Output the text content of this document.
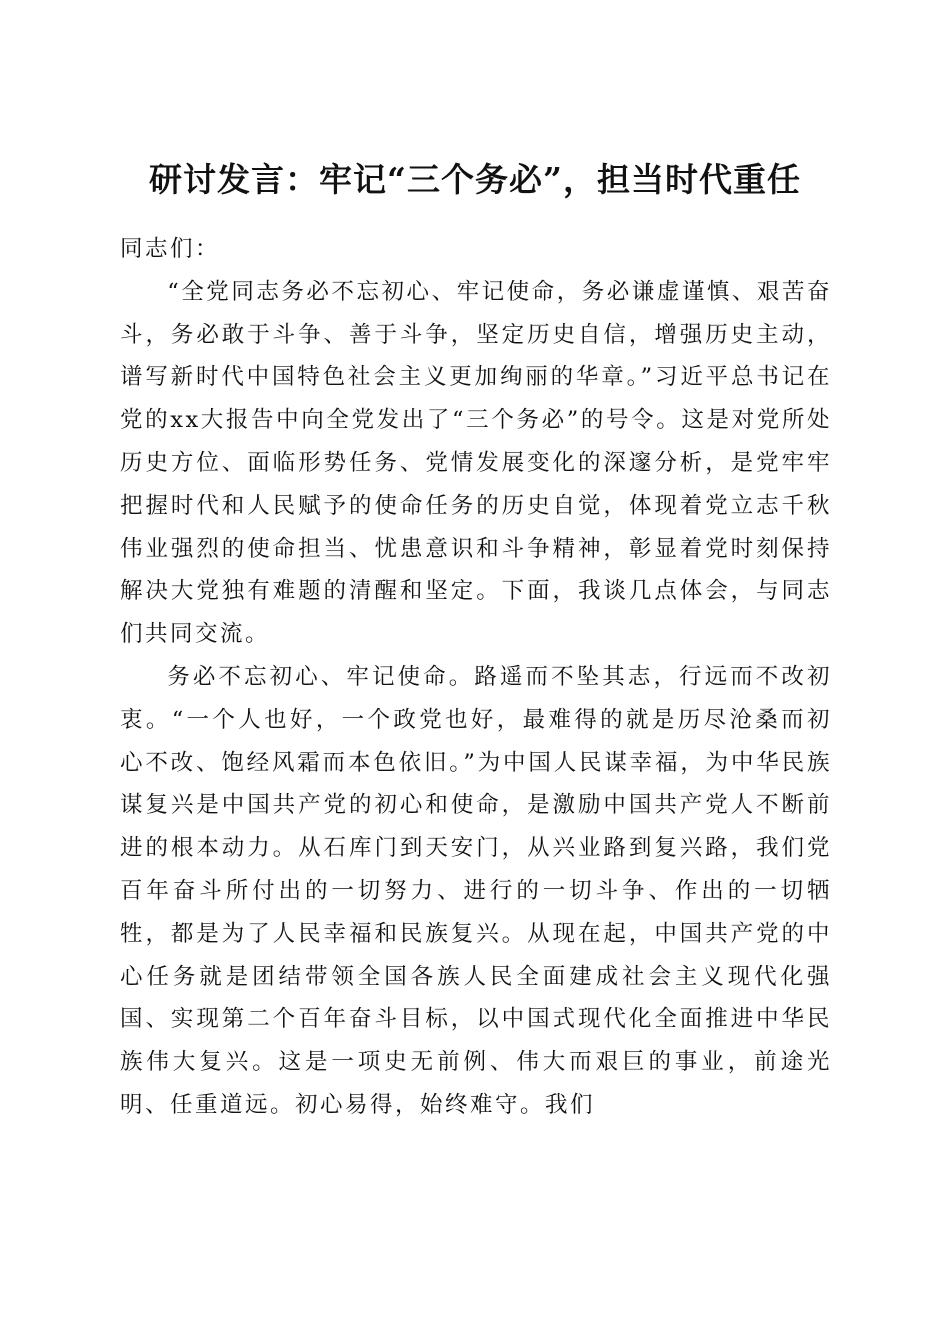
研讨发言：牢记“三个务必”，担当时代重任

同志们：

“全党同志务必不忘初心、牢记使命，务必谦虚谨慎、艰苦奋斗，务必敢于斗争、善于斗争，坚定历史自信，增强历史主动，谱写新时代中国特色社会主义更加绚丽的华章。”习近平总书记在党的xx大报告中向全党发出了“三个务必”的号令。这是对党所处历史方位、面临形势任务、党情发展变化的深邃分析，是党牢牢把握时代和人民赋予的使命任务的历史自觉，体现着党立志千秋伟业强烈的使命担当、忧患意识和斗争精神，彰显着党时刻保持解决大党独有难题的清醒和坚定。下面，我谈几点体会，与同志们共同交流。

务必不忘初心、牢记使命。路遥而不坠其志，行远而不改初衷。“一个人也好，一个政党也好，最难得的就是历尽沧桑而初心不改、饱经风霜而本色依旧。”为中国人民谋幸福，为中华民族谋复兴是中国共产党的初心和使命，是激励中国共产党人不断前进的根本动力。从石库门到天安门，从兴业路到复兴路，我们党百年奋斗所付出的一切努力、进行的一切斗争、作出的一切牺牲，都是为了人民幸福和民族复兴。从现在起，中国共产党的中心任务就是团结带领全国各族人民全面建成社会主义现代化强国、实现第二个百年奋斗目标，以中国式现代化全面推进中华民族伟大复兴。这是一项史无前例、伟大而艰巨的事业，前途光明、任重道远。初心易得，始终难守。我们
